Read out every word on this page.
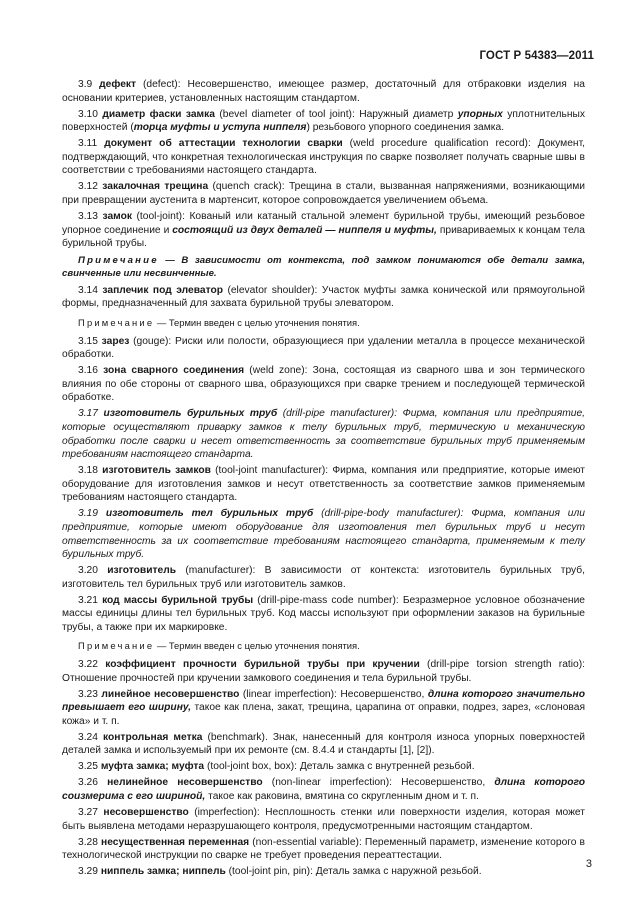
ГОСТ Р 54383—2011

3.9 дефект (defect): Несовершенство, имеющее размер, достаточный для отбраковки изделия на основании критериев, установленных настоящим стандартом.

3.10 диаметр фаски замка (bevel diameter of tool joint): Наружный диаметр упорных уплотнительных поверхностей (торца муфты и уступа ниппеля) резьбового упорного соединения замка.

3.11 документ об аттестации технологии сварки (weld procedure qualification record): Документ, подтверждающий, что конкретная технологическая инструкция по сварке позволяет получать сварные швы в соответствии с требованиями настоящего стандарта.

3.12 закалочная трещина (quench crack): Трещина в стали, вызванная напряжениями, возникающими при превращении аустенита в мартенсит, которое сопровождается увеличением объема.

3.13 замок (tool-joint): Кованый или катаный стальной элемент бурильной трубы, имеющий резьбовое упорное соединение и состоящий из двух деталей — ниппеля и муфты, привариваемых к концам тела бурильной трубы.

Примечание — В зависимости от контекста, под замком понимаются обе детали замка, свинченные или несвинченные.

3.14 заплечик под элеватор (elevator shoulder): Участок муфты замка конической или прямоугольной формы, предназначенный для захвата бурильной трубы элеватором.

Примечание — Термин введен с целью уточнения понятия.

3.15 зарез (gouge): Риски или полости, образующиеся при удалении металла в процессе механической обработки.

3.16 зона сварного соединения (weld zone): Зона, состоящая из сварного шва и зон термического влияния по обе стороны от сварного шва, образующихся при сварке трением и последующей термической обработке.

3.17 изготовитель бурильных труб (drill-pipe manufacturer): Фирма, компания или предприятие, которые осуществляют приварку замков к телу бурильных труб, термическую и механическую обработки после сварки и несет ответственность за соответствие бурильных труб применяемым требованиям настоящего стандарта.

3.18 изготовитель замков (tool-joint manufacturer): Фирма, компания или предприятие, которые имеют оборудование для изготовления замков и несут ответственность за соответствие замков применяемым требованиям настоящего стандарта.

3.19 изготовитель тел бурильных труб (drill-pipe-body manufacturer): Фирма, компания или предприятие, которые имеют оборудование для изготовления тел бурильных труб и несут ответственность за их соответствие требованиям настоящего стандарта, применяемым к телу бурильных труб.

3.20 изготовитель (manufacturer): В зависимости от контекста: изготовитель бурильных труб, изготовитель тел бурильных труб или изготовитель замков.

3.21 код массы бурильной трубы (drill-pipe-mass code number): Безразмерное условное обозначение массы единицы длины тел бурильных труб. Код массы используют при оформлении заказов на бурильные трубы, а также при их маркировке.

Примечание — Термин введен с целью уточнения понятия.

3.22 коэффициент прочности бурильной трубы при кручении (drill-pipe torsion strength ratio): Отношение прочностей при кручении замкового соединения и тела бурильной трубы.

3.23 линейное несовершенство (linear imperfection): Несовершенство, длина которого значительно превышает его ширину, такое как плена, закат, трещина, царапина от оправки, подрез, зарез, «слоновая кожа» и т. п.

3.24 контрольная метка (benchmark). Знак, нанесенный для контроля износа упорных поверхностей деталей замка и используемый при их ремонте (см. 8.4.4 и стандарты [1], [2]).

3.25 муфта замка; муфта (tool-joint box, box): Деталь замка с внутренней резьбой.

3.26 нелинейное несовершенство (non-linear imperfection): Несовершенство, длина которого соизмерима с его шириной, такое как раковина, вмятина со скругленным дном и т. п.

3.27 несовершенство (imperfection): Несплошность стенки или поверхности изделия, которая может быть выявлена методами неразрушающего контроля, предусмотренными настоящим стандартом.

3.28 несущественная переменная (non-essential variable): Переменный параметр, изменение которого в технологической инструкции по сварке не требует проведения переаттестации.

3.29 ниппель замка; ниппель (tool-joint pin, pin): Деталь замка с наружной резьбой.

3
